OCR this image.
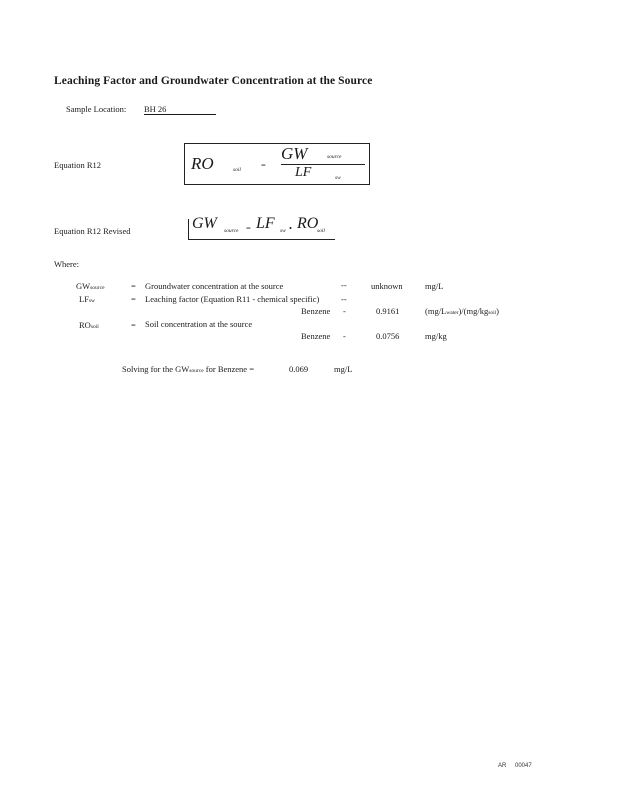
Leaching Factor and Groundwater Concentration at the Source
Sample Location: BH 26
Equation R12	RO	soil =
GW	source
LF	sw
Equation R12 Revised	GW source = LF sw • RO
soil
Where:
GWsource	= Groundwater concentration at the source	--	unknown	mg/L
LFsw	= Leaching factor (Equation R11 - chemical specific)	--
Benzene -	0.9161	(mg/Lwater)/(mg/kgsoil)
ROsoil	= Soil concentration at the source
Benzene -	0.0756	mg/kg
Solving for the GWsource for Benzene =	0.069	mg/L
AR 00047
